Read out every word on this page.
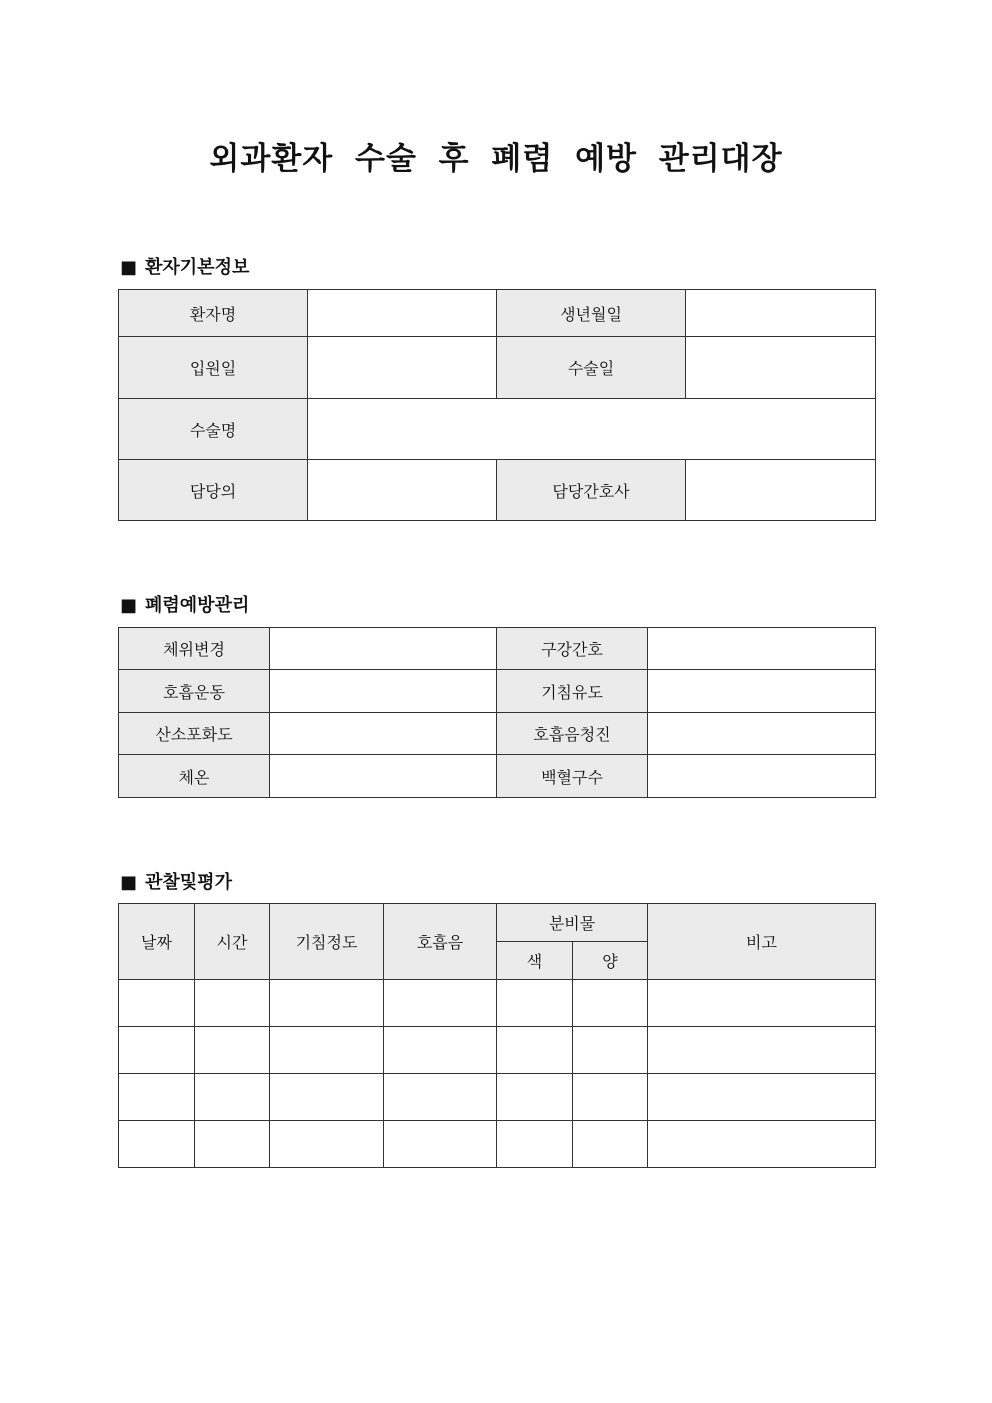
외과환자 수술 후 폐렴 예방 관리대장
■ 환자기본정보
환자명		생년월일	
입원일		수술일	
수술명			
담당의		담당간호사	
■ 폐렴예방관리
체위변경		구강간호	
호흡운동		기침유도	
산소포화도		호흡음청진	
체온		백혈구수	
■ 관찰및평가
날짜	시간	기침정도	호흡음	분비물		비고
				색	양	
